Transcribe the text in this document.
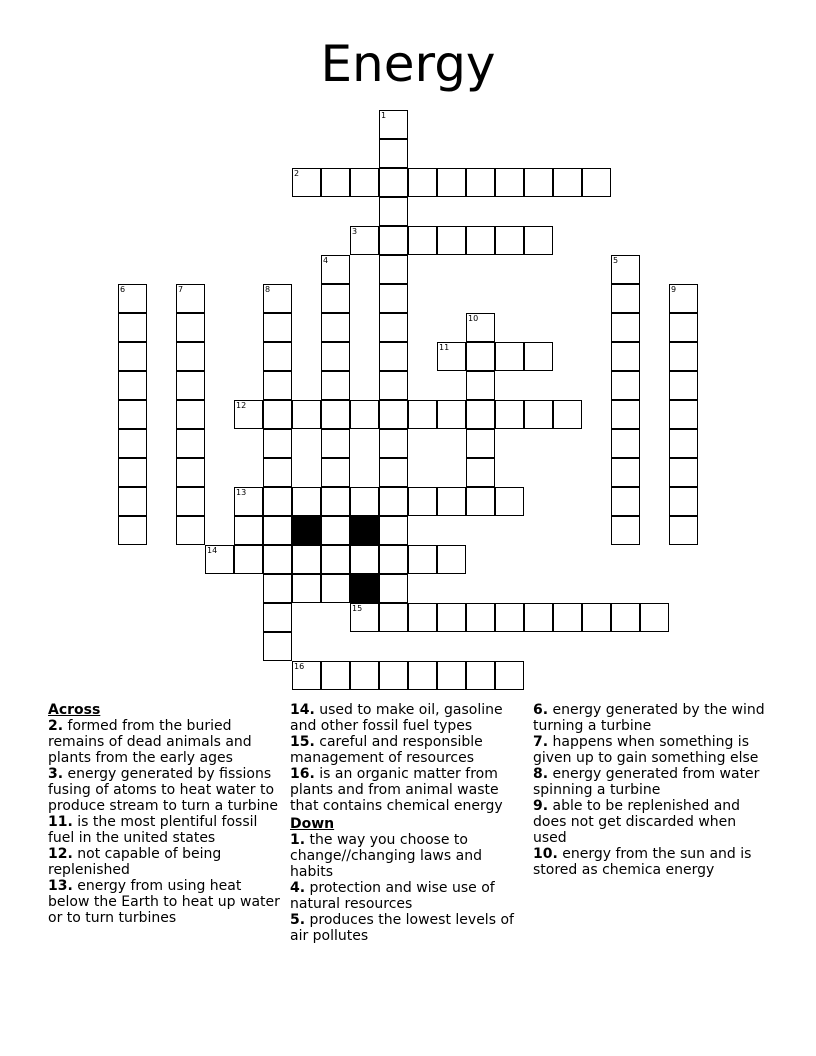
Energy
1
2
3
4	5
6	7	8	9
10
11
12
13
14
15
16
Across
2. formed from the buried remains of dead animals and plants from the early ages
3. energy generated by fissions fusing of atoms to heat water to produce stream to turn a turbine
11. is the most plentiful fossil fuel in the united states
12. not capable of being replenished
13. energy from using heat below the Earth to heat up water or to turn turbines
14. used to make oil, gasoline and other fossil fuel types
15. careful and responsible management of resources
16. is an organic matter from plants and from animal waste that contains chemical energy
Down
1. the way you choose to change//changing laws and habits
4. protection and wise use of natural resources
5. produces the lowest levels of air pollutes
6. energy generated by the wind turning a turbine
7. happens when something is given up to gain something else
8. energy generated from water spinning a turbine
9. able to be replenished and does not get discarded when used
10. energy from the sun and is stored as chemica energy
